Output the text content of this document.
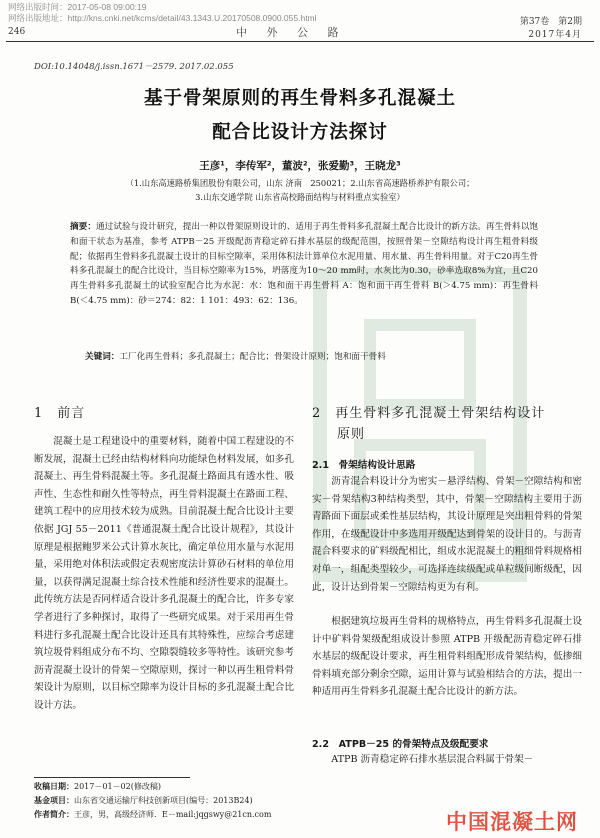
网络出版时间：2017-05-08 09:00:19
网络出版地址：http://kns.cnki.net/kcms/detail/43.1343.U.20170508.0900.055.html
246	中 外 公 路
第37卷　第2期
2017年4月
DOI:10.14048/j.issn.1671－2579. 2017.02.055
基于骨架原则的再生骨料多孔混凝土
配合比设计方法探讨
王彦¹，李传军²，董波²，张爱勤³，王晓龙³
（1.山东高速路桥集团股份有限公司，山东 济南　250021；2.山东省高速路桥养护有限公司；
3.山东交通学院 山东省高校路面结构与材料重点实验室）
摘要：通过试验与设计研究，提出一种以骨架原则设计的、适用于再生骨料多孔混凝土配合比设计的新方法。再生骨料以饱和面干状态为基准，参考 ATPB－25 开级配沥青稳定碎石排水基层的级配范围，按照骨架－空隙结构设计再生粗骨料级配；依据再生骨料多孔混凝土设计的目标空隙率，采用体积法计算单位水泥用量、用水量、再生骨料用量。对于C20再生骨料多孔混凝土的配合比设计，当目标空隙率为15%，坍落度为10～20 mm时，水灰比为0.30，砂率选取8%为宜，且C20再生骨料多孔混凝土的试验室配合比为水泥：水：饱和面干再生骨料 A：饱和面干再生骨料 B(＞4.75 mm)：再生骨料 B(＜4.75 mm)：砂＝274：82：1 101：493：62：136。
关键词：工厂化再生骨料；多孔混凝土；配合比；骨架设计原则；饱和面干骨料
1　前言
混凝土是工程建设中的重要材料，随着中国工程建设的不断发展，混凝土已经由结构材料向功能绿色材料发展，如多孔混凝土、再生骨料混凝土等。多孔混凝土路面具有透水性、吸声性、生态性和耐久性等特点，再生骨料混凝土在路面工程、建筑工程中的应用技术较为成熟。目前混凝土配合比设计主要依据 JGJ 55－2011《普通混凝土配合比设计规程》，其设计原理是根据鲍罗米公式计算水灰比，确定单位用水量与水泥用量，采用绝对体积法或假定表观密度法计算砂石材料的单位用量，以获得满足混凝土综合技术性能和经济性要求的混凝土。此传统方法是否同样适合设计多孔混凝土的配合比，许多专家学者进行了多种探讨，取得了一些研究成果。对于采用再生骨料进行多孔混凝土配合比设计还具有其特殊性，应综合考虑建筑垃圾骨料组成分布不均、空隙裂缝较多等特性。该研究参考沥青混凝土设计的骨架－空隙原则，探讨一种以再生粗骨料骨架设计为原则，以目标空隙率为设计目标的多孔混凝土配合比设计方法。
2　再生骨料多孔混凝土骨架结构设计
原则
2.1　骨架结构设计思路
沥青混合料设计分为密实－悬浮结构、骨架－空隙结构和密实－骨架结构3种结构类型，其中，骨架－空隙结构主要用于沥青路面下面层或柔性基层结构，其设计原理是突出粗骨料的骨架作用，在级配设计中多选用开级配达到骨架的设计目的。与沥青混合料要求的矿料级配相比，组成水泥混凝土的粗细骨料规格相对单一，组配类型较少，可选择连续级配或单粒级间断级配，因此，设计达到骨架－空隙结构更为有利。
根据建筑垃圾再生骨料的规格特点，再生骨料多孔混凝土设计中矿料骨架级配组成设计参照 ATPB 开级配沥青稳定碎石排水基层的级配设计要求，再生粗骨料组配形成骨架结构，低掺细骨料填充部分剩余空隙，运用计算与试验相结合的方法，提出一种适用再生骨料多孔混凝土配合比设计的新方法。
2.2　ATPB－25 的骨架特点及级配要求
ATPB 沥青稳定碎石排水基层混合料属于骨架－
收稿日期：2017－01－02(修改稿)
基金项目：山东省交通运输厅科技创新项目(编号：2013B24)
作者简介：王彦，男，高级经济师．E－mail:jqgswy@21cn.com	中国混凝土网
